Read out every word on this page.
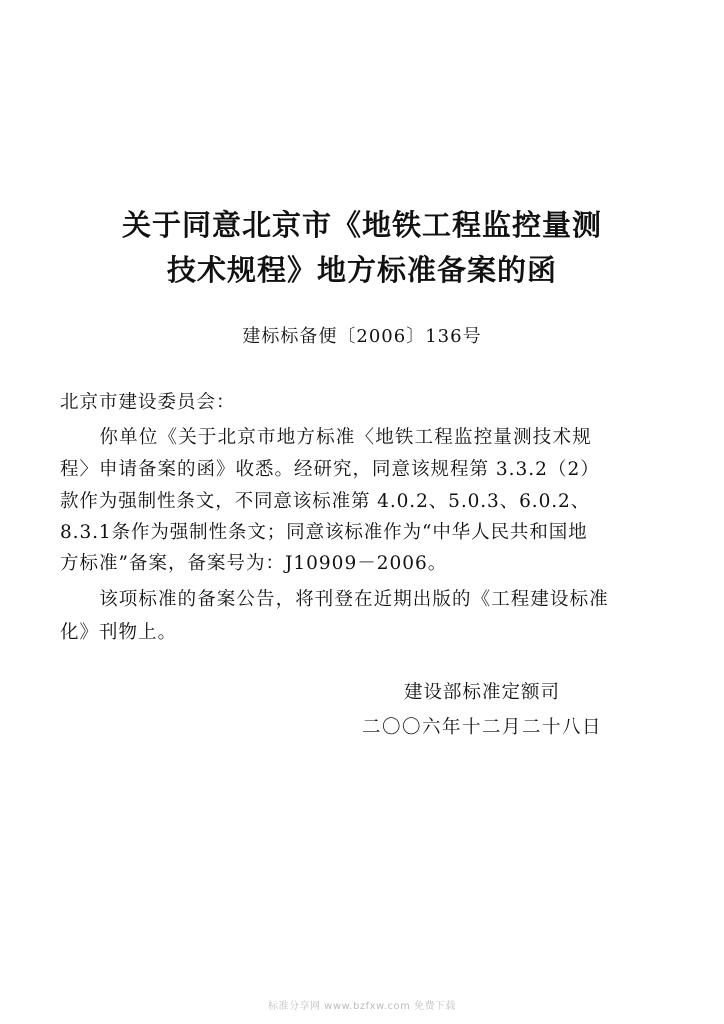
关于同意北京市《地铁工程监控量测
技术规程》地方标准备案的函
建标标备便〔2006〕136号
北京市建设委员会：
　　你单位《关于北京市地方标准〈地铁工程监控量测技术规
程〉申请备案的函》收悉。经研究，同意该规程第 3.3.2（2）
款作为强制性条文，不同意该标准第 4.0.2、5.0.3、6.0.2、
8.3.1条作为强制性条文；同意该标准作为“中华人民共和国地
方标准”备案，备案号为：J10909－2006。
　　该项标准的备案公告，将刊登在近期出版的《工程建设标准
化》刊物上。
建设部标准定额司
二〇〇六年十二月二十八日
标准分享网 www.bzfxw.com 免费下载
